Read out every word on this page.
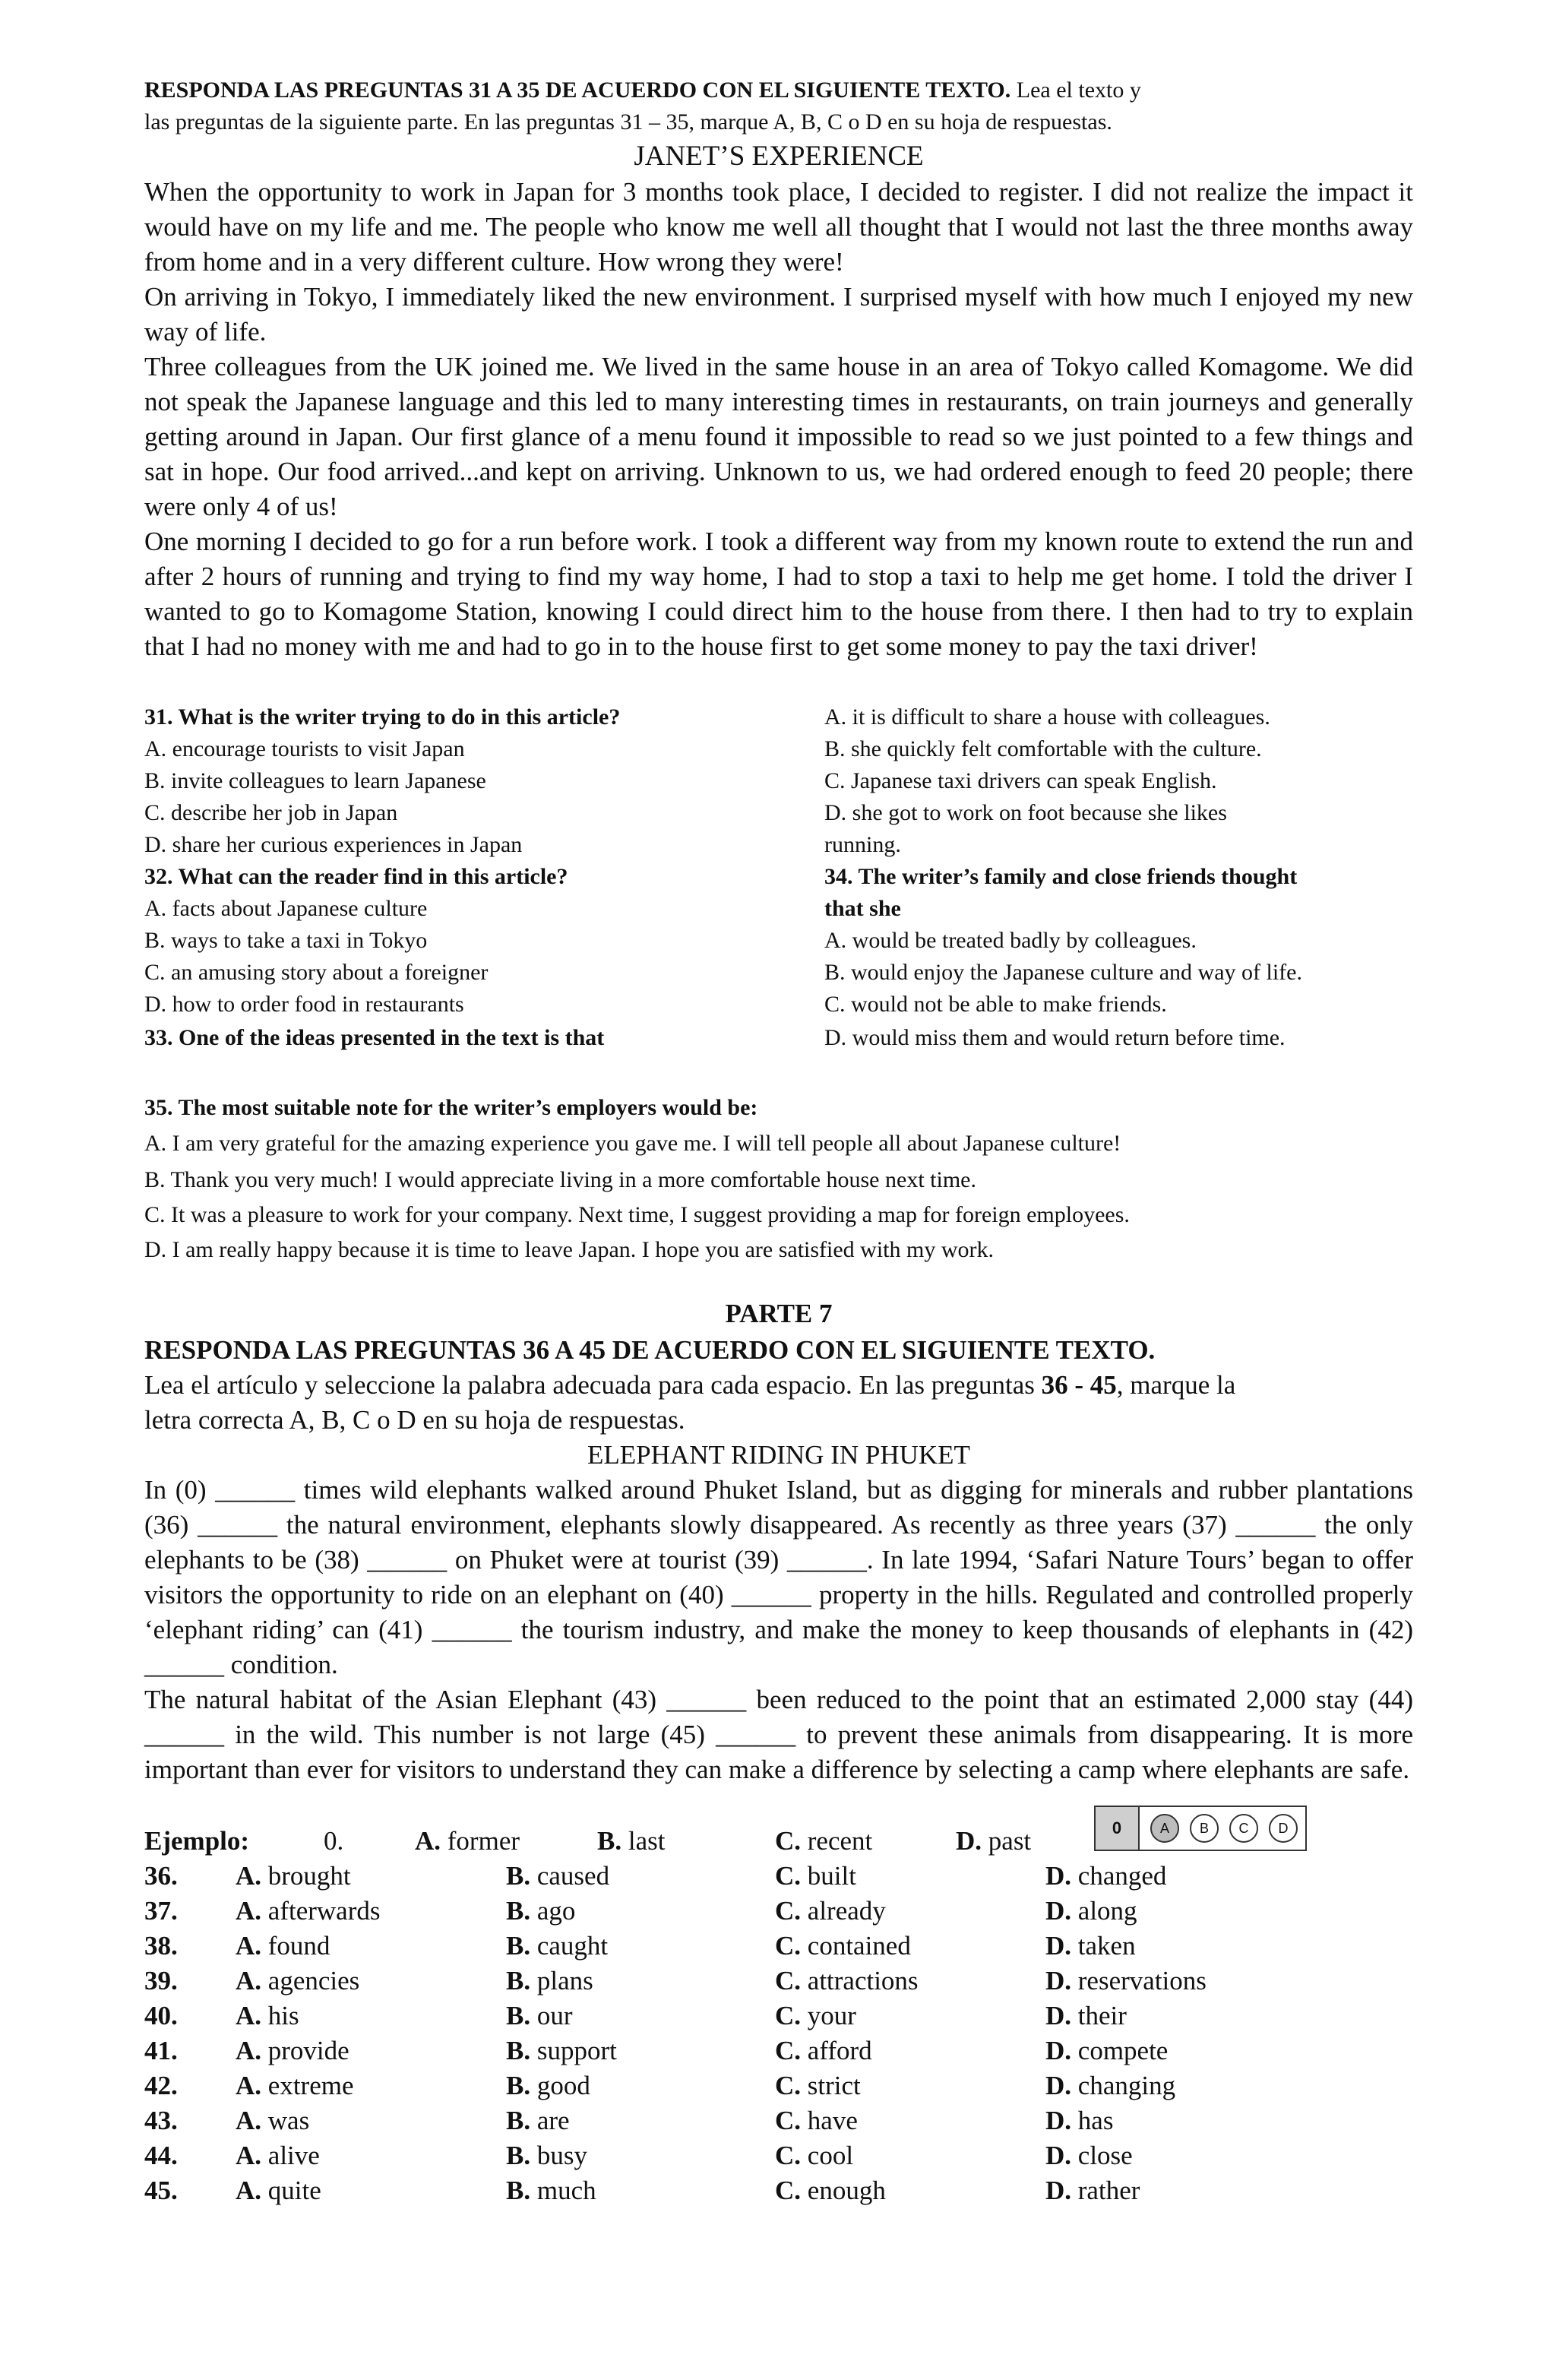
RESPONDA LAS PREGUNTAS 31 A 35 DE ACUERDO CON EL SIGUIENTE TEXTO. Lea el texto y
las preguntas de la siguiente parte. En las preguntas 31 – 35, marque A, B, C o D en su hoja de respuestas.
JANET’S EXPERIENCE
When the opportunity to work in Japan for 3 months took place, I decided to register. I did not realize the impact it would have on my life and me. The people who know me well all thought that I would not last the three months away from home and in a very different culture. How wrong they were!
On arriving in Tokyo, I immediately liked the new environment. I surprised myself with how much I enjoyed my new way of life.
Three colleagues from the UK joined me. We lived in the same house in an area of Tokyo called Komagome. We did not speak the Japanese language and this led to many interesting times in restaurants, on train journeys and generally getting around in Japan. Our first glance of a menu found it impossible to read so we just pointed to a few things and sat in hope. Our food arrived...and kept on arriving. Unknown to us, we had ordered enough to feed 20 people; there were only 4 of us!
One morning I decided to go for a run before work. I took a different way from my known route to extend the run and after 2 hours of running and trying to find my way home, I had to stop a taxi to help me get home. I told the driver I wanted to go to Komagome Station, knowing I could direct him to the house from there. I then had to try to explain that I had no money with me and had to go in to the house first to get some money to pay the taxi driver!
31. What is the writer trying to do in this article?
A. encourage tourists to visit Japan
B. invite colleagues to learn Japanese
C. describe her job in Japan
D. share her curious experiences in Japan
32. What can the reader find in this article?
A. facts about Japanese culture
B. ways to take a taxi in Tokyo
C. an amusing story about a foreigner
D. how to order food in restaurants
33. One of the ideas presented in the text is that
A. it is difficult to share a house with colleagues.
B. she quickly felt comfortable with the culture.
C. Japanese taxi drivers can speak English.
D. she got to work on foot because she likes
running.
34. The writer’s family and close friends thought
that she
A. would be treated badly by colleagues.
B. would enjoy the Japanese culture and way of life.
C. would not be able to make friends.
D. would miss them and would return before time.
35. The most suitable note for the writer’s employers would be:
A. I am very grateful for the amazing experience you gave me. I will tell people all about Japanese culture!
B. Thank you very much! I would appreciate living in a more comfortable house next time.
C. It was a pleasure to work for your company. Next time, I suggest providing a map for foreign employees.
D. I am really happy because it is time to leave Japan. I hope you are satisfied with my work.
PARTE 7
RESPONDA LAS PREGUNTAS 36 A 45 DE ACUERDO CON EL SIGUIENTE TEXTO.
Lea el artículo y seleccione la palabra adecuada para cada espacio. En las preguntas 36 - 45, marque la
letra correcta A, B, C o D en su hoja de respuestas.
ELEPHANT RIDING IN PHUKET
In (0) ______ times wild elephants walked around Phuket Island, but as digging for minerals and rubber plantations (36) ______ the natural environment, elephants slowly disappeared. As recently as three years (37) ______ the only elephants to be (38) ______ on Phuket were at tourist (39) ______. In late 1994, ‘Safari Nature Tours’ began to offer visitors the opportunity to ride on an elephant on (40) ______ property in the hills. Regulated and controlled properly ‘elephant riding’ can (41) ______ the tourism industry, and make the money to keep thousands of elephants in (42) ______ condition.
The natural habitat of the Asian Elephant (43) ______ been reduced to the point that an estimated 2,000 stay (44) ______ in the wild. This number is not large (45) ______ to prevent these animals from disappearing. It is more important than ever for visitors to understand they can make a difference by selecting a camp where elephants are safe.
Ejemplo:	0.	A. former	B. last	C. recent	D. past
36. A. brought	B. caused	C. built	D. changed
37. A. afterwards	B. ago	C. already	D. along
38. A. found	B. caught	C. contained	D. taken
39. A. agencies	B. plans	C. attractions	D. reservations
40. A. his	B. our	C. your	D. their
41. A. provide	B. support	C. afford	D. compete
42. A. extreme	B. good	C. strict	D. changing
43. A. was	B. are	C. have	D. has
44. A. alive	B. busy	C. cool	D. close
45. A. quite	B. much	C. enough	D. rather
0	A	B	C	D
